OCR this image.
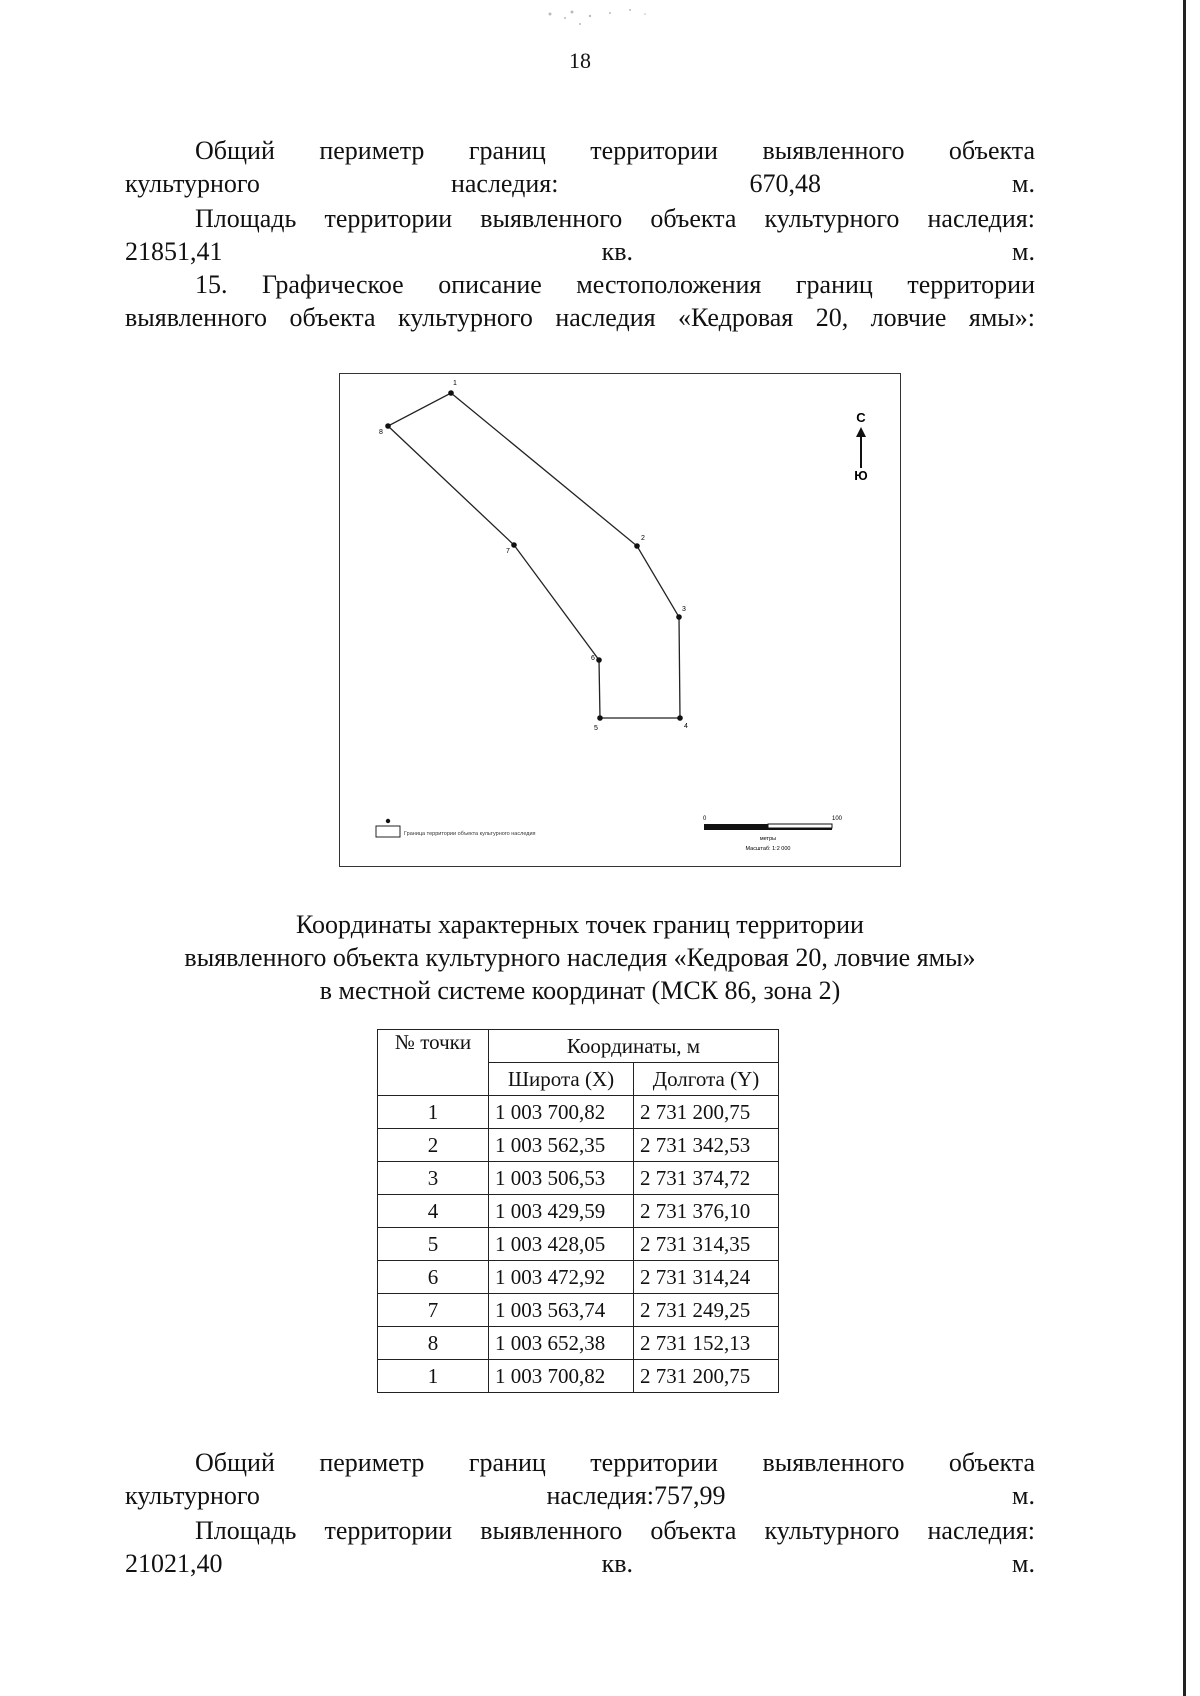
18
Общий периметр границ территории выявленного объекта
культурного наследия: 670,48 м.
Площадь территории выявленного объекта культурного наследия:
21851,41 кв. м.
15. Графическое описание местоположения границ территории
выявленного объекта культурного наследия «Кедровая 20, ловчие ямы»:
1
2
3
4
5
6
7
8
С
Ю
Граница территории объекта культурного наследия
0	100
метры
Масштаб: 1:2 000
Координаты характерных точек границ территории
выявленного объекта культурного наследия «Кедровая 20, ловчие ямы»
в местной системе координат (МСК 86, зона 2)
№ точки	Координаты, м	
	Широта (X)	Долгота (Y)
1	1 003 700,82	2 731 200,75
2	1 003 562,35	2 731 342,53
3	1 003 506,53	2 731 374,72
4	1 003 429,59	2 731 376,10
5	1 003 428,05	2 731 314,35
6	1 003 472,92	2 731 314,24
7	1 003 563,74	2 731 249,25
8	1 003 652,38	2 731 152,13
1	1 003 700,82	2 731 200,75
Общий периметр границ территории выявленного объекта
культурного наследия:757,99 м.
Площадь территории выявленного объекта культурного наследия:
21021,40 кв. м.
